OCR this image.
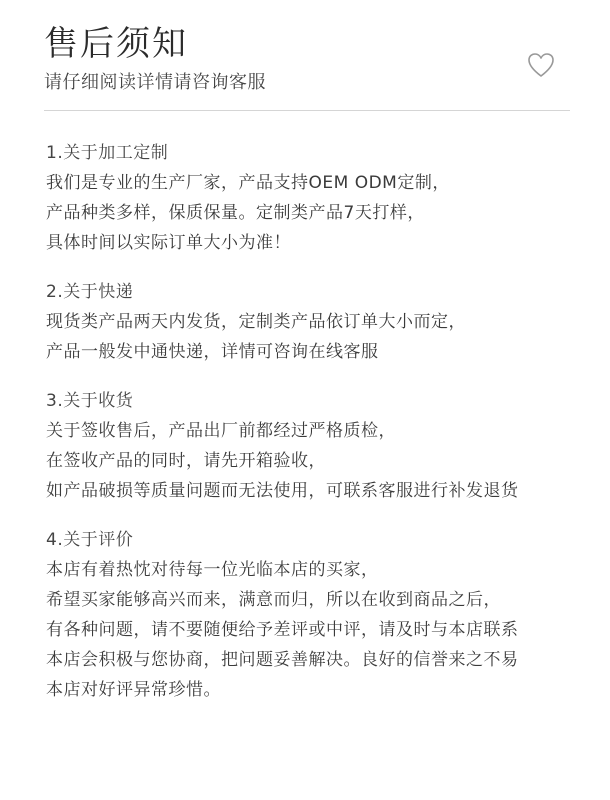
售后须知
请仔细阅读详情请咨询客服
1.关于加工定制
我们是专业的生产厂家，产品支持OEM ODM定制，
产品种类多样，保质保量。定制类产品7天打样，
具体时间以实际订单大小为准！
2.关于快递
现货类产品两天内发货，定制类产品依订单大小而定，
产品一般发中通快递，详情可咨询在线客服
3.关于收货
关于签收售后，产品出厂前都经过严格质检，
在签收产品的同时，请先开箱验收，
如产品破损等质量问题而无法使用，可联系客服进行补发退货
4.关于评价
本店有着热忱对待每一位光临本店的买家，
希望买家能够高兴而来，满意而归，所以在收到商品之后，
有各种问题，请不要随便给予差评或中评，请及时与本店联系
本店会积极与您协商，把问题妥善解决。良好的信誉来之不易
本店对好评异常珍惜。
